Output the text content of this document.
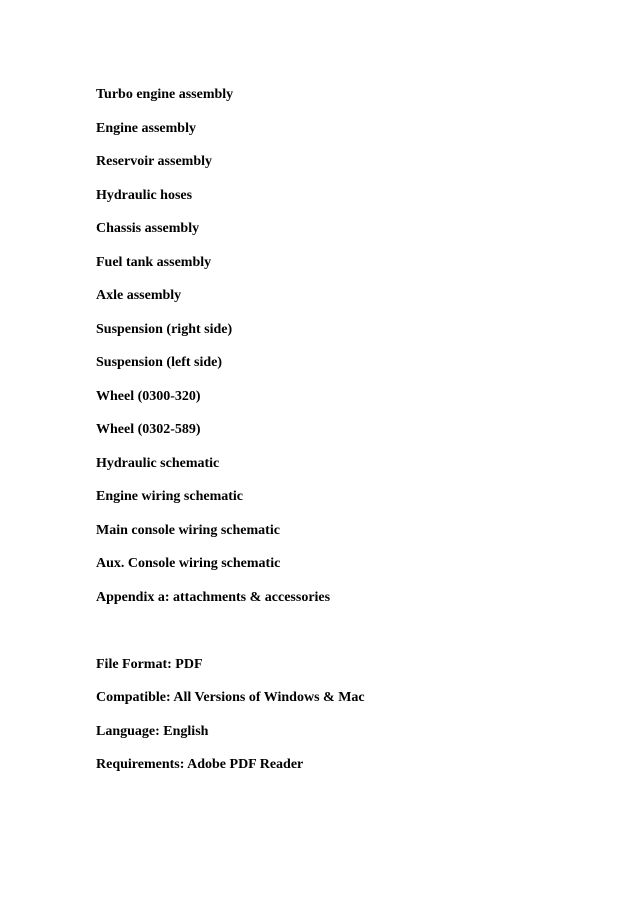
Turbo engine assembly
Engine assembly
Reservoir assembly
Hydraulic hoses
Chassis assembly
Fuel tank assembly
Axle assembly
Suspension (right side)
Suspension (left side)
Wheel (0300-320)
Wheel (0302-589)
Hydraulic schematic
Engine wiring schematic
Main console wiring schematic
Aux. Console wiring schematic
Appendix a: attachments & accessories
File Format: PDF
Compatible: All Versions of Windows & Mac
Language: English
Requirements: Adobe PDF Reader
